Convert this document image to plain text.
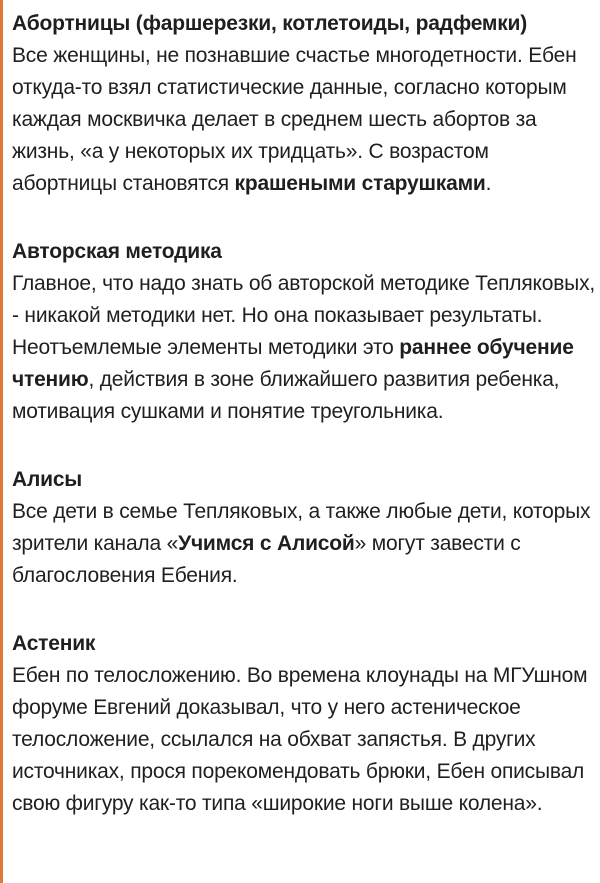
Абортницы (фаршерезки, котлетоиды, радфемки)

Все женщины, не познавшие счастье многодетности. Ебен откуда-то взял статистические данные, согласно которым каждая москвичка делает в среднем шесть абортов за жизнь, «а у некоторых их тридцать». С возрастом абортницы становятся крашеными старушками.

Авторская методика

Главное, что надо знать об авторской методике Тепляковых, - никакой методики нет. Но она показывает результаты. Неотъемлемые элементы методики это раннее обучение чтению, действия в зоне ближайшего развития ребенка, мотивация сушками и понятие треугольника.

Алисы

Все дети в семье Тепляковых, а также любые дети, которых зрители канала «Учимся с Алисой» могут завести с благословения Ебения.

Астеник

Ебен по телосложению. Во времена клоунады на МГУшном форуме Евгений доказывал, что у него астеническое телосложение, ссылался на обхват запястья. В других источниках, прося порекомендовать брюки, Ебен описывал свою фигуру как-то типа «широкие ноги выше колена».
